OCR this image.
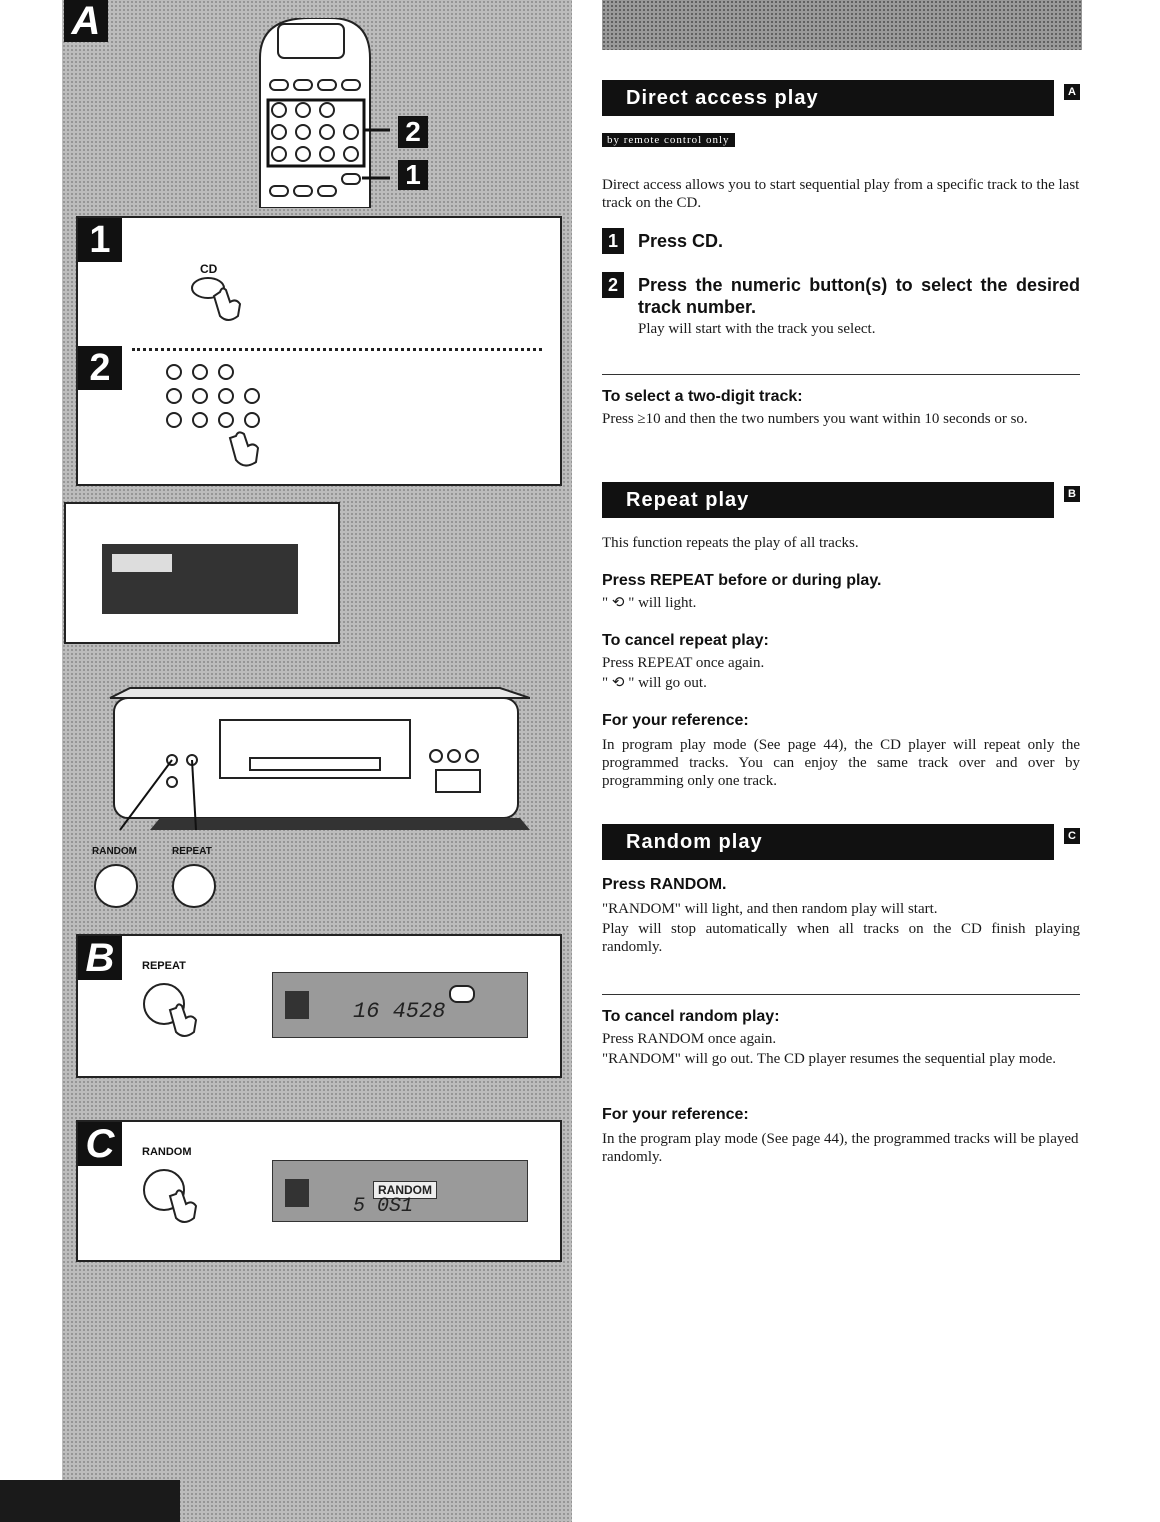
A
2
1
1
CD
2
RANDOM	REPEAT
B	REPEAT
16 4528
C	RANDOM
RANDOM
5 0S1
Direct access play	A
by remote control only
Direct access allows you to start sequential play from a specific track to the last track on the CD.
1	Press CD.
2	Press the numeric button(s) to select the desired track number.
Play will start with the track you select.
To select a two-digit track:
Press ≥10 and then the two numbers you want within 10 seconds or so.
Repeat play	B
This function repeats the play of all tracks.
Press REPEAT before or during play.
" ⟲ " will light.
To cancel repeat play:
Press REPEAT once again.
" ⟲ " will go out.
For your reference:
In program play mode (See page 44), the CD player will repeat only the programmed tracks. You can enjoy the same track over and over by programming only one track.
Random play	C
Press RANDOM.
"RANDOM" will light, and then random play will start.
Play will stop automatically when all tracks on the CD finish playing randomly.
To cancel random play:
Press RANDOM once again.
"RANDOM" will go out. The CD player resumes the sequential play mode.
For your reference:
In the program play mode (See page 44), the programmed tracks will be played randomly.
